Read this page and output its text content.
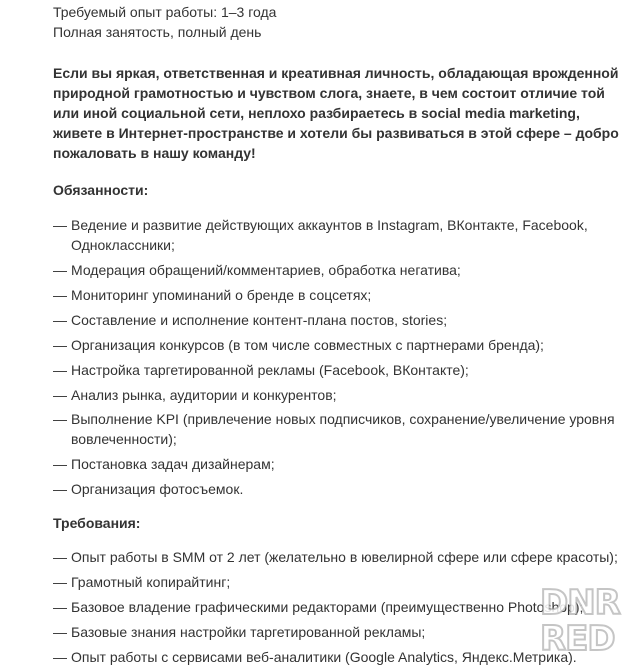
Требуемый опыт работы: 1–3 года
Полная занятость, полный день
Если вы яркая, ответственная и креативная личность, обладающая врожденной природной грамотностью и чувством слога, знаете, в чем состоит отличие той или иной социальной сети, неплохо разбираетесь в social media marketing, живете в Интернет-пространстве и хотели бы развиваться в этой сфере – добро пожаловать в нашу команду!
Обязанности:
— Ведение и развитие действующих аккаунтов в Instagram, ВКонтакте, Facebook, Одноклассники;
— Модерация обращений/комментариев, обработка негатива;
— Мониторинг упоминаний о бренде в соцсетях;
— Составление и исполнение контент-плана постов, stories;
— Организация конкурсов (в том числе совместных с партнерами бренда);
— Настройка таргетированной рекламы (Facebook, ВКонтакте);
— Анализ рынка, аудитории и конкурентов;
— Выполнение KPI (привлечение новых подписчиков, сохранение/увеличение уровня вовлеченности);
— Постановка задач дизайнерам;
— Организация фотосъемок.
Требования:
— Опыт работы в SMM от 2 лет (желательно в ювелирной сфере или сфере красоты);
— Грамотный копирайтинг;
— Базовое владение графическими редакторами (преимущественно Photoshop);
— Базовые знания настройки таргетированной рекламы;
— Опыт работы с сервисами веб-аналитики (Google Analytics, Яндекс.Метрика).
DNR
RED
